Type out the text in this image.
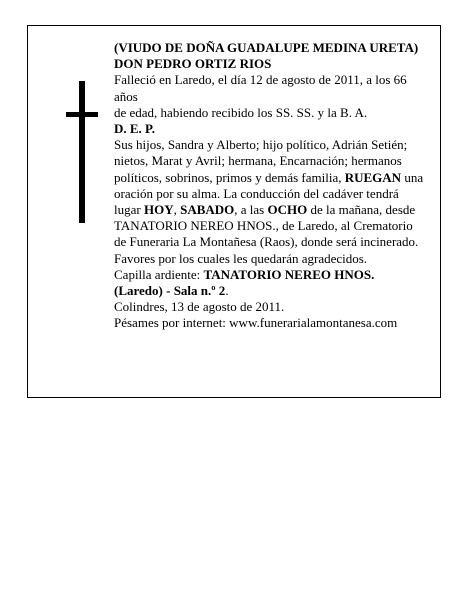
(VIUDO DE DOÑA GUADALUPE MEDINA URETA)

DON PEDRO ORTIZ RIOS

Falleció en Laredo, el día 12 de agosto de 2011, a los 66 años

de edad, habiendo recibido los SS. SS. y la B. A.

D. E. P.

Sus hijos, Sandra y Alberto; hijo político, Adrián Setién; nietos, Marat y Avril; hermana, Encarnación; hermanos políticos, sobrinos, primos y demás familia, RUEGAN una oración por su alma. La conducción del cadáver tendrá lugar HOY, SABADO, a las OCHO de la mañana, desde TANATORIO NEREO HNOS., de Laredo, al Crematorio de Funeraria La Montañesa (Raos), donde será incinerado. Favores por los cuales les quedarán agradecidos.

Capilla ardiente: TANATORIO NEREO HNOS. (Laredo) - Sala n.º 2.

Colindres, 13 de agosto de 2011.

Pésames por internet: www.funerarialamontanesa.com
